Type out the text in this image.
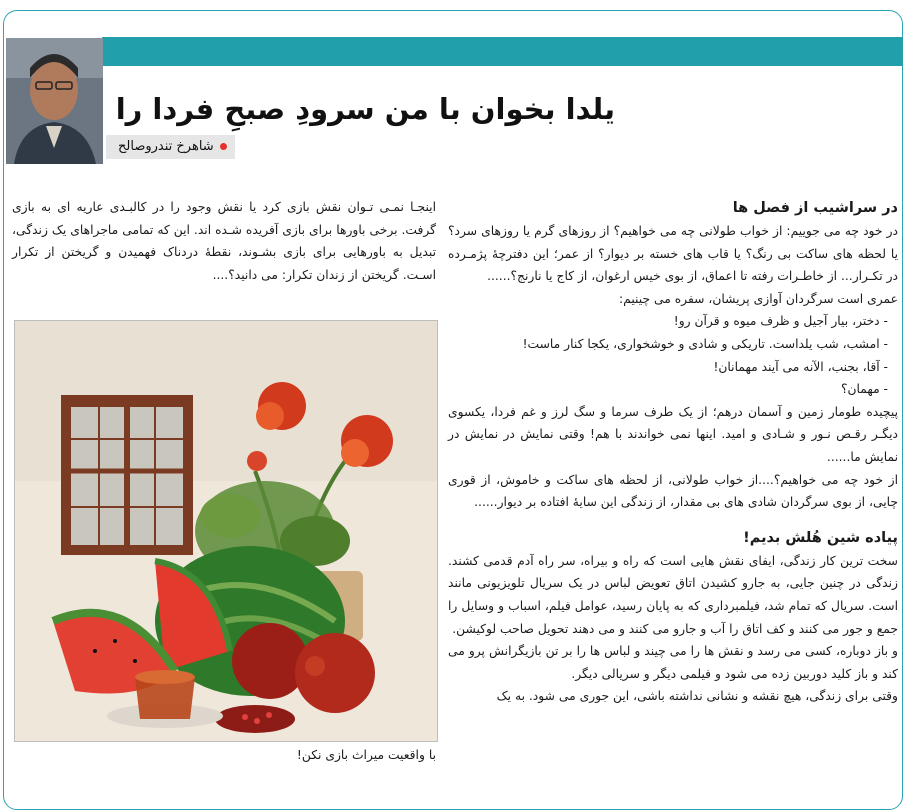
شاهرخ تندروصالح
یلدا بخوان با من سرودِ صبحِ فردا را
در سراشیب از فصل ها

در خود چه می جوییم: از خواب طولانی چه می خواهیم؟ از روزهای گرم یا روزهای سرد؟ یا لحظه های ساکت بی رنگ؟ یا قاب های خسته بر دیوار؟ از عمر؛ این دفترچهٔ پژمـرده در تکـرار... از خاطـرات رفته تا اعماق، از بوی خیس ارغوان، از کاج یا نارنج؟......

عمری است سرگردان آوازی پریشان، سفره می چینیم:

- دختر، بیار آجیل و ظرف میوه و قرآن رو!

- امشب، شب یلداست. تاریکی و شادی و خوشخواری، یکجا کنار ماست!

- آقا، بجنب، الآنه می آیند مهمانان!

- مهمان؟

پیچیده طومار زمین و آسمان درهم؛ از یک طرف سرما و سگ لرز و غم فردا، یکسوی دیگـر رقـص نـور و شـادی و امید. اینها نمی خواندند با هم! وقتی نمایش در نمایش در نمایش ما......

از خود چه می خواهیم؟....از خواب طولانی، از لحظه های ساکت و خاموش، از قوری چایی، از بوی سرگردان شادی های بی مقدار، از زندگی این سایهٔ افتاده بر دیوار......

پیاده شین هُلش بدیم!

سخت ترین کار زندگی، ایفای نقش هایی است که راه و بیراه، سر راه آدم قدمی کشند. زندگی در چنین جایی، به جارو کشیدن اتاق تعویض لباس در یک سریال تلویزیونی مانند است. سریال که تمام شد، فیلمبرداری که به پایان رسید، عوامل فیلم، اسباب و وسایل را جمع و جور می کنند و کف اتاق را آب و جارو می کنند و می دهند تحویل صاحب لوکیشن.

و باز دوباره، کسی می رسد و نقش ها را می چیند و لباس ها را بر تن بازیگرانش پرو می کند و باز کلید دوربین زده می شود و فیلمی دیگر و سریالی دیگر.

وقتی برای زندگی، هیچ نقشه و نشانی نداشته باشی، این جوری می شود. به یک

اینجـا نمـی تـوان نقش بازی کرد یا نقش وجود را در کالبـدی عاریه ای به بازی گرفت. برخی باورها برای بازی آفریده شـده اند. این که تمامی ماجراهای یک زندگی، تبدیل به باورهایی برای بازی بشـوند، نقطهٔ دردناک فهمیدن و گریختن از تکرار اسـت. گریختن از زندان تکرار: می دانید؟....

با واقعیت میراث بازی نکن!
